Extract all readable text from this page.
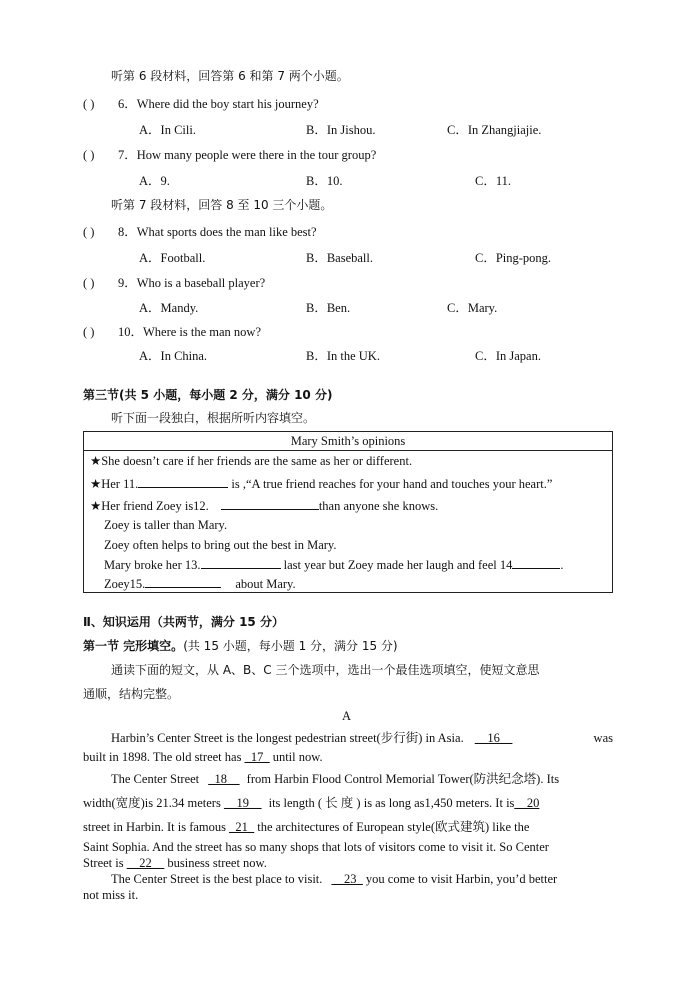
听第 6 段材料，回答第 6 和第 7 两个小题。
( ) 6．Where did the boy start his journey?
A．In Cili.	B．In Jishou.	C．In Zhangjiajie.
( ) 7．How many people were there in the tour group?
A．9.	B．10.	C．11.
听第 7 段材料，回答 8 至 10 三个小题。
( ) 8．What sports does the man like best?
A．Football.	B．Baseball.	C．Ping-pong.
( ) 9．Who is a baseball player?
A．Mandy.	B．Ben.	C．Mary.
( ) 10．Where is the man now?
A．In China.	B．In the UK.	C．In Japan.
第三节(共 5 小题，每小题 2 分，满分 10 分)
听下面一段独白，根据所听内容填空。
Mary Smith’s opinions
★She doesn’t care if her friends are the same as her or different.
★Her 11.	is ,“A true friend reaches for your hand and touches your heart.”
★Her friend Zoey is12.	than anyone she knows.
Zoey is taller than Mary.
Zoey often helps to bring out the best in Mary.
Mary broke her 13.	last year but Zoey made her laugh and feel 14	.
Zoey15.	about Mary.
Ⅱ、知识运用（共两节，满分 15 分）
第一节 完形填空。(共 15 小题，每小题 1 分，满分 15 分)
通读下面的短文，从 A、B、C 三个选项中，选出一个最佳选项填空，使短文意思
通顺，结构完整。
A
Harbin’s Center Street is the longest pedestrian street(步行街) in Asia. __16__	was
built in 1898. The old street has _17_ until now.
The Center Street _18__ from Harbin Flood Control Memorial Tower(防洪纪念塔). Its
width(宽度)is 21.34 meters __19__ its length ( 长 度 ) is as long as1,450 meters. It is__20
street in Harbin. It is famous _21_ the architectures of European style(欧式建筑) like the
Saint Sophia. And the street has so many shops that lots of visitors come to visit it. So Center
Street is __22__ business street now.
The Center Street is the best place to visit. __23_ you come to visit Harbin, you’d better
not miss it.
